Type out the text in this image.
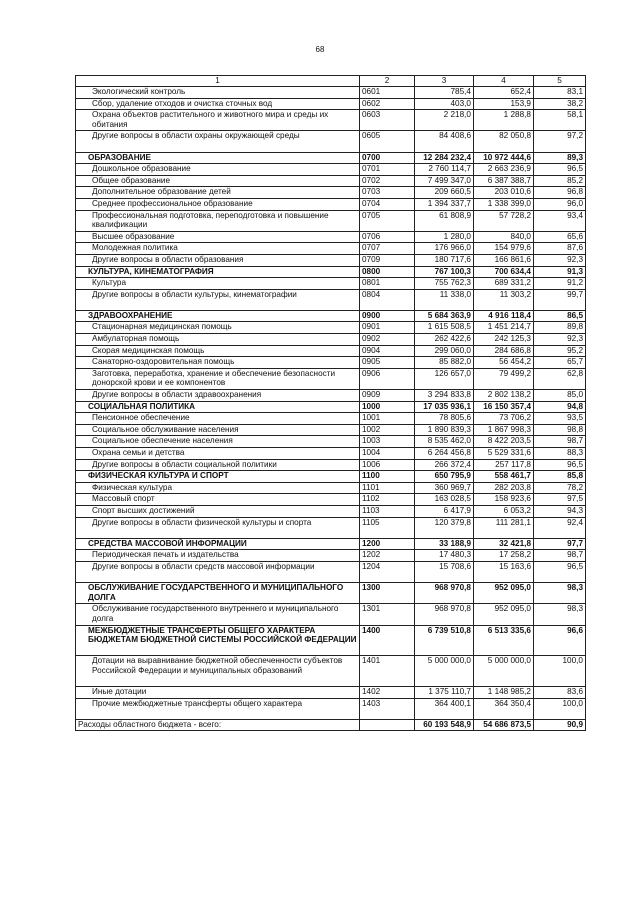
68
1	2	3	4	5
Экологический контроль	0601	785,4	652,4	83,1
Сбор, удаление отходов и очистка сточных вод	0602	403,0	153,9	38,2
Охрана объектов растительного и животного мира и среды их обитания	0603	2 218,0	1 288,8	58,1
Другие вопросы в области охраны окружающей среды	0605	84 408,6	82 050,8	97,2
ОБРАЗОВАНИЕ	0700	12 284 232,4	10 972 444,6	89,3
Дошкольное образование	0701	2 760 114,7	2 663 236,9	96,5
Общее образование	0702	7 499 347,0	6 387 388,7	85,2
Дополнительное образование детей	0703	209 660,5	203 010,6	96,8
Среднее профессиональное образование	0704	1 394 337,7	1 338 399,0	96,0
Профессиональная подготовка, переподготовка и повышение квалификации	0705	61 808,9	57 728,2	93,4
Высшее образование	0706	1 280,0	840,0	65,6
Молодежная политика	0707	176 966,0	154 979,6	87,6
Другие вопросы в области образования	0709	180 717,6	166 861,6	92,3
КУЛЬТУРА, КИНЕМАТОГРАФИЯ	0800	767 100,3	700 634,4	91,3
Культура	0801	755 762,3	689 331,2	91,2
Другие вопросы в области культуры, кинематографии	0804	11 338,0	11 303,2	99,7
ЗДРАВООХРАНЕНИЕ	0900	5 684 363,9	4 916 118,4	86,5
Стационарная медицинская помощь	0901	1 615 508,5	1 451 214,7	89,8
Амбулаторная помощь	0902	262 422,6	242 125,3	92,3
Скорая медицинская помощь	0904	299 060,0	284 686,8	95,2
Санаторно-оздоровительная помощь	0905	85 882,0	56 454,2	65,7
Заготовка, переработка, хранение и обеспечение безопасности донорской крови и ее компонентов	0906	126 657,0	79 499,2	62,8
Другие вопросы в области здравоохранения	0909	3 294 833,8	2 802 138,2	85,0
СОЦИАЛЬНАЯ ПОЛИТИКА	1000	17 035 936,1	16 150 357,4	94,8
Пенсионное обеспечение	1001	78 805,6	73 706,2	93,5
Социальное обслуживание населения	1002	1 890 839,3	1 867 998,3	98,8
Социальное обеспечение населения	1003	8 535 462,0	8 422 203,5	98,7
Охрана семьи и детства	1004	6 264 456,8	5 529 331,6	88,3
Другие вопросы в области социальной политики	1006	266 372,4	257 117,8	96,5
ФИЗИЧЕСКАЯ КУЛЬТУРА И СПОРТ	1100	650 795,9	558 461,7	85,8
Физическая культура	1101	360 969,7	282 203,8	78,2
Массовый спорт	1102	163 028,5	158 923,6	97,5
Спорт высших достижений	1103	6 417,9	6 053,2	94,3
Другие вопросы в области физической культуры и спорта	1105	120 379,8	111 281,1	92,4
СРЕДСТВА МАССОВОЙ ИНФОРМАЦИИ	1200	33 188,9	32 421,8	97,7
Периодическая печать и издательства	1202	17 480,3	17 258,2	98,7
Другие вопросы в области средств массовой информации	1204	15 708,6	15 163,6	96,5
ОБСЛУЖИВАНИЕ ГОСУДАРСТВЕННОГО И МУНИЦИПАЛЬНОГО ДОЛГА	1300	968 970,8	952 095,0	98,3
Обслуживание государственного внутреннего и муниципального долга	1301	968 970,8	952 095,0	98,3
МЕЖБЮДЖЕТНЫЕ ТРАНСФЕРТЫ ОБЩЕГО ХАРАКТЕРА БЮДЖЕТАМ БЮДЖЕТНОЙ СИСТЕМЫ РОССИЙСКОЙ ФЕДЕРАЦИИ	1400	6 739 510,8	6 513 335,6	96,6
Дотации на выравнивание бюджетной обеспеченности субъектов Российской Федерации и муниципальных образований	1401	5 000 000,0	5 000 000,0	100,0
Иные дотации	1402	1 375 110,7	1 148 985,2	83,6
Прочие межбюджетные трансферты общего характера	1403	364 400,1	364 350,4	100,0
Расходы областного бюджета - всего:		60 193 548,9	54 686 873,5	90,9
